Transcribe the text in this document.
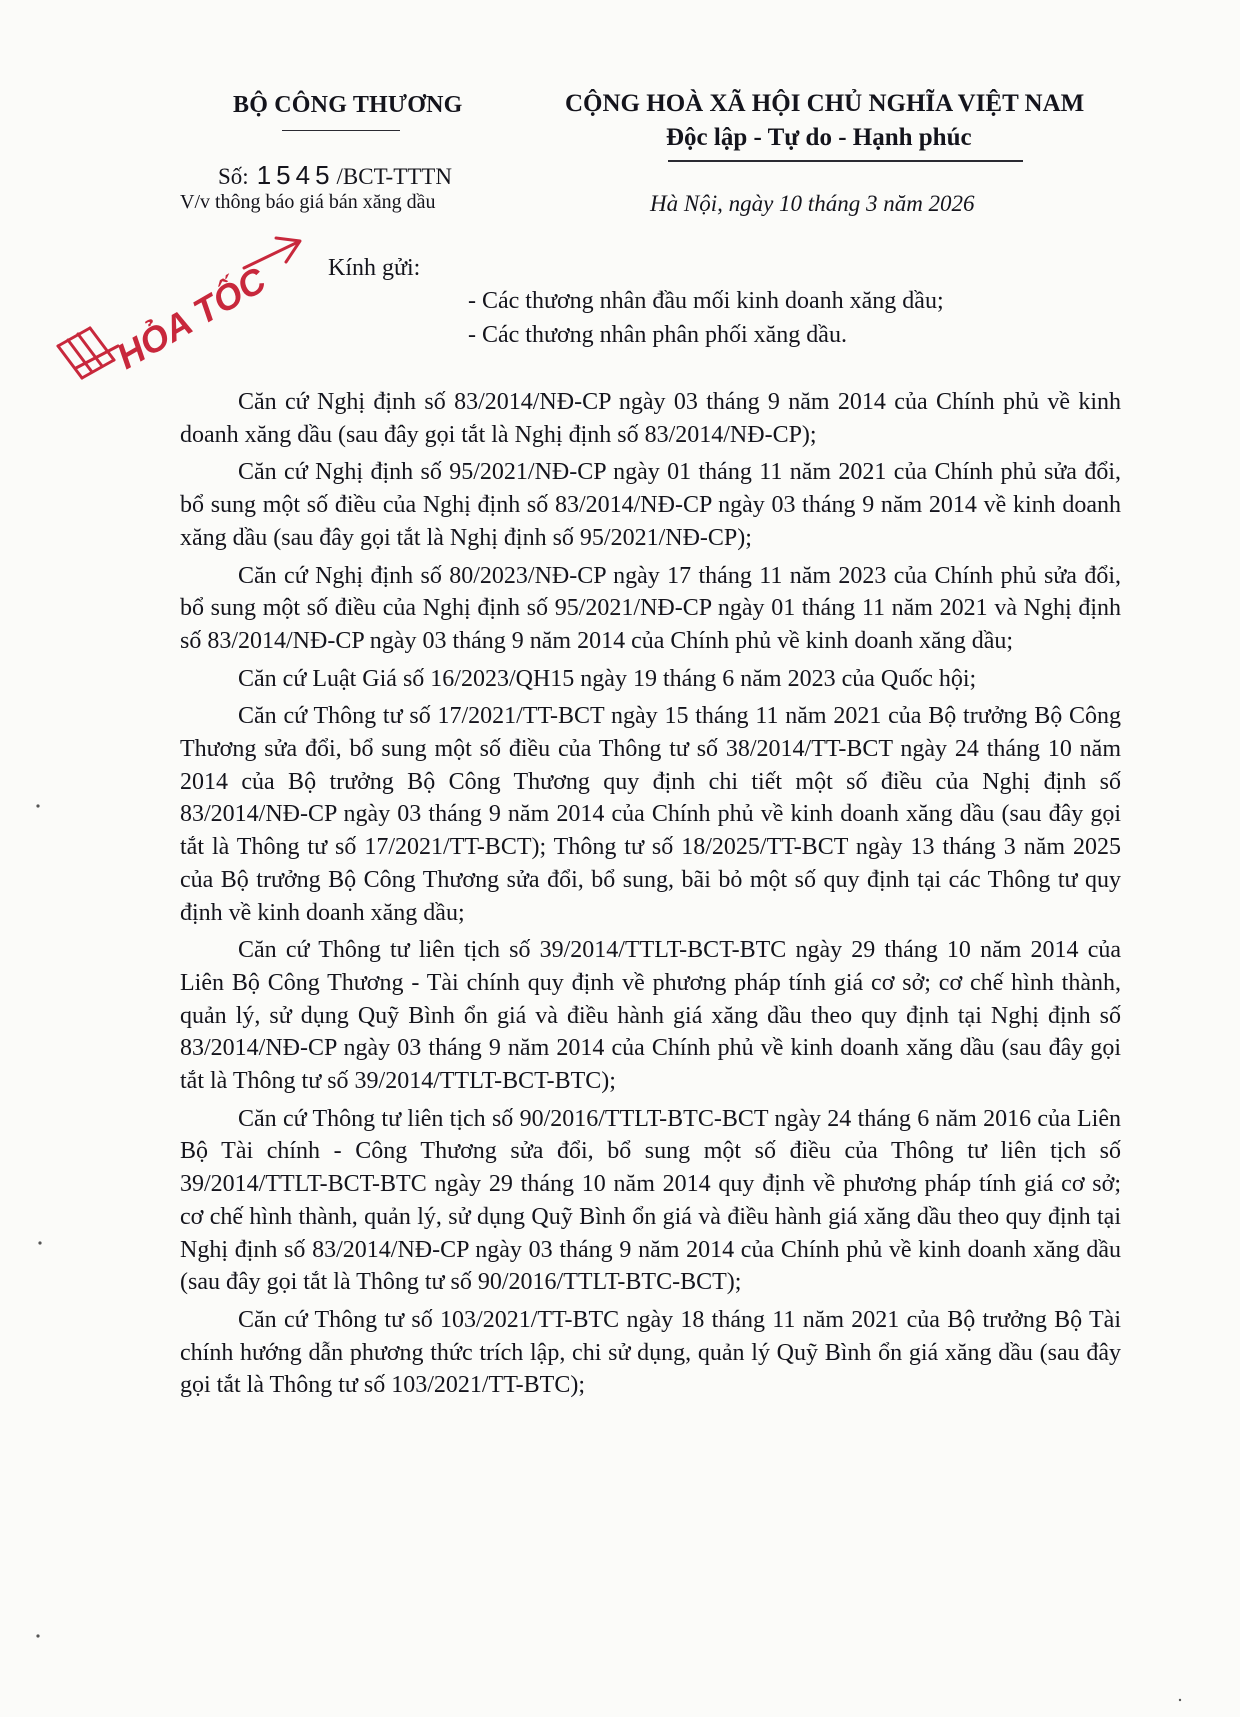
BỘ CÔNG THƯƠNG	CỘNG HOÀ XÃ HỘI CHỦ NGHĨA VIỆT NAM
Độc lập - Tự do - Hạnh phúc
Số: 1545/BCT-TTTN
V/v thông báo giá bán xăng dầu	Hà Nội, ngày 10 tháng 3 năm 2026
HỎA TỐC Kính gửi:
- Các thương nhân đầu mối kinh doanh xăng dầu;
- Các thương nhân phân phối xăng dầu.

Căn cứ Nghị định số 83/2014/NĐ-CP ngày 03 tháng 9 năm 2014 của Chính phủ về kinh doanh xăng dầu (sau đây gọi tắt là Nghị định số 83/2014/NĐ-CP);

Căn cứ Nghị định số 95/2021/NĐ-CP ngày 01 tháng 11 năm 2021 của Chính phủ sửa đổi, bổ sung một số điều của Nghị định số 83/2014/NĐ-CP ngày 03 tháng 9 năm 2014 về kinh doanh xăng dầu (sau đây gọi tắt là Nghị định số 95/2021/NĐ-CP);

Căn cứ Nghị định số 80/2023/NĐ-CP ngày 17 tháng 11 năm 2023 của Chính phủ sửa đổi, bổ sung một số điều của Nghị định số 95/2021/NĐ-CP ngày 01 tháng 11 năm 2021 và Nghị định số 83/2014/NĐ-CP ngày 03 tháng 9 năm 2014 của Chính phủ về kinh doanh xăng dầu;

Căn cứ Luật Giá số 16/2023/QH15 ngày 19 tháng 6 năm 2023 của Quốc hội;

Căn cứ Thông tư số 17/2021/TT-BCT ngày 15 tháng 11 năm 2021 của Bộ trưởng Bộ Công Thương sửa đổi, bổ sung một số điều của Thông tư số 38/2014/TT-BCT ngày 24 tháng 10 năm 2014 của Bộ trưởng Bộ Công Thương quy định chi tiết một số điều của Nghị định số 83/2014/NĐ-CP ngày 03 tháng 9 năm 2014 của Chính phủ về kinh doanh xăng dầu (sau đây gọi tắt là Thông tư số 17/2021/TT-BCT); Thông tư số 18/2025/TT-BCT ngày 13 tháng 3 năm 2025 của Bộ trưởng Bộ Công Thương sửa đổi, bổ sung, bãi bỏ một số quy định tại các Thông tư quy định về kinh doanh xăng dầu;

Căn cứ Thông tư liên tịch số 39/2014/TTLT-BCT-BTC ngày 29 tháng 10 năm 2014 của Liên Bộ Công Thương - Tài chính quy định về phương pháp tính giá cơ sở; cơ chế hình thành, quản lý, sử dụng Quỹ Bình ổn giá và điều hành giá xăng dầu theo quy định tại Nghị định số 83/2014/NĐ-CP ngày 03 tháng 9 năm 2014 của Chính phủ về kinh doanh xăng dầu (sau đây gọi tắt là Thông tư số 39/2014/TTLT-BCT-BTC);

Căn cứ Thông tư liên tịch số 90/2016/TTLT-BTC-BCT ngày 24 tháng 6 năm 2016 của Liên Bộ Tài chính - Công Thương sửa đổi, bổ sung một số điều của Thông tư liên tịch số 39/2014/TTLT-BCT-BTC ngày 29 tháng 10 năm 2014 quy định về phương pháp tính giá cơ sở; cơ chế hình thành, quản lý, sử dụng Quỹ Bình ổn giá và điều hành giá xăng dầu theo quy định tại Nghị định số 83/2014/NĐ-CP ngày 03 tháng 9 năm 2014 của Chính phủ về kinh doanh xăng dầu (sau đây gọi tắt là Thông tư số 90/2016/TTLT-BTC-BCT);

Căn cứ Thông tư số 103/2021/TT-BTC ngày 18 tháng 11 năm 2021 của Bộ trưởng Bộ Tài chính hướng dẫn phương thức trích lập, chi sử dụng, quản lý Quỹ Bình ổn giá xăng dầu (sau đây gọi tắt là Thông tư số 103/2021/TT-BTC);
